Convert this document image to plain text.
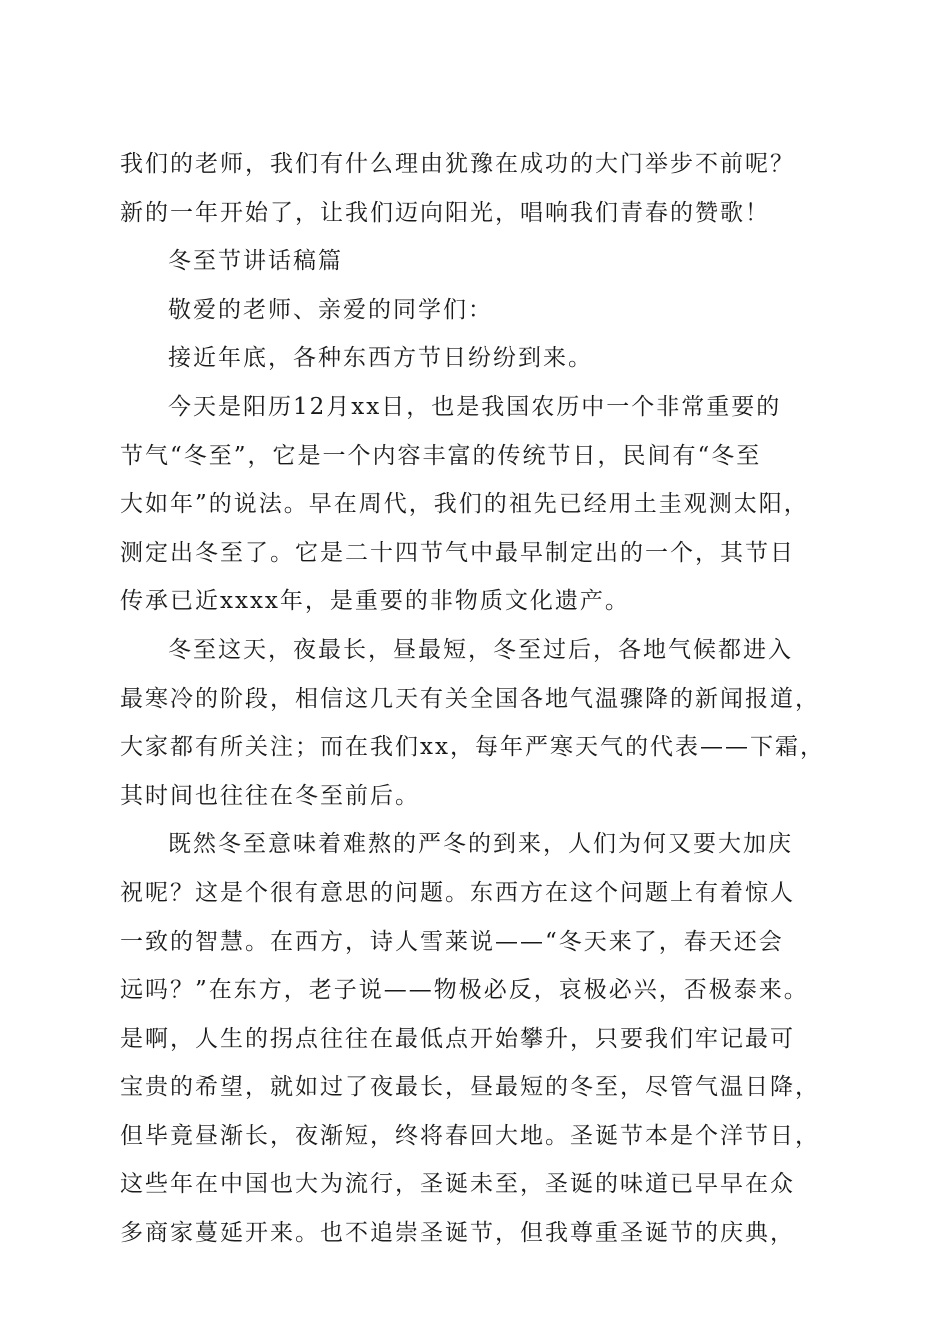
我们的老师，我们有什么理由犹豫在成功的大门举步不前呢？
新的一年开始了，让我们迈向阳光，唱响我们青春的赞歌！
冬至节讲话稿篇
敬爱的老师、亲爱的同学们：
接近年底，各种东西方节日纷纷到来。
今天是阳历12月xx日，也是我国农历中一个非常重要的
节气“冬至”，它是一个内容丰富的传统节日，民间有“冬至
大如年”的说法。早在周代，我们的祖先已经用土圭观测太阳，
测定出冬至了。它是二十四节气中最早制定出的一个，其节日
传承已近xxxx年，是重要的非物质文化遗产。
冬至这天，夜最长，昼最短，冬至过后，各地气候都进入
最寒冷的阶段，相信这几天有关全国各地气温骤降的新闻报道，
大家都有所关注；而在我们xx，每年严寒天气的代表——下霜，
其时间也往往在冬至前后。
既然冬至意味着难熬的严冬的到来，人们为何又要大加庆
祝呢？这是个很有意思的问题。东西方在这个问题上有着惊人
一致的智慧。在西方，诗人雪莱说——“冬天来了，春天还会
远吗？”在东方，老子说——物极必反，哀极必兴，否极泰来。
是啊，人生的拐点往往在最低点开始攀升，只要我们牢记最可
宝贵的希望，就如过了夜最长，昼最短的冬至，尽管气温日降，
但毕竟昼渐长，夜渐短，终将春回大地。圣诞节本是个洋节日，
这些年在中国也大为流行，圣诞未至，圣诞的味道已早早在众
多商家蔓延开来。也不追崇圣诞节，但我尊重圣诞节的庆典，
